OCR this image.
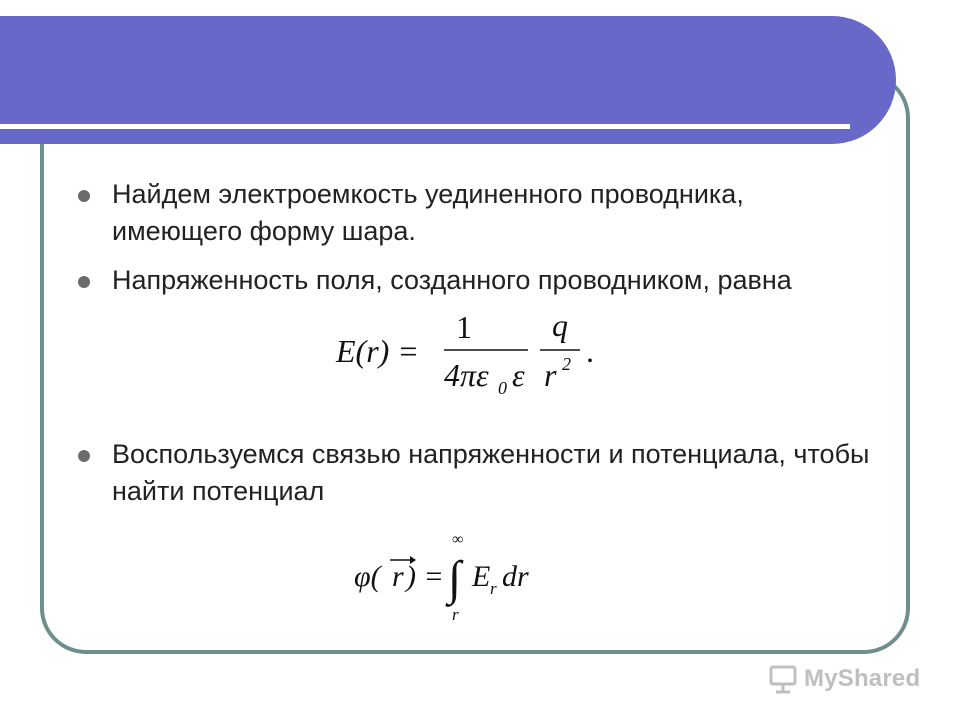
Найдем электроемкость уединенного проводника, имеющего форму шара.
Напряженность поля, созданного проводником, равна
E(r) =
1
4πε 0 ε
q
r 2 .
Воспользуемся связью напряженности и потенциала, чтобы найти потенциал
φ( r ) = ∫
∞
r
E r dr
MyShared
